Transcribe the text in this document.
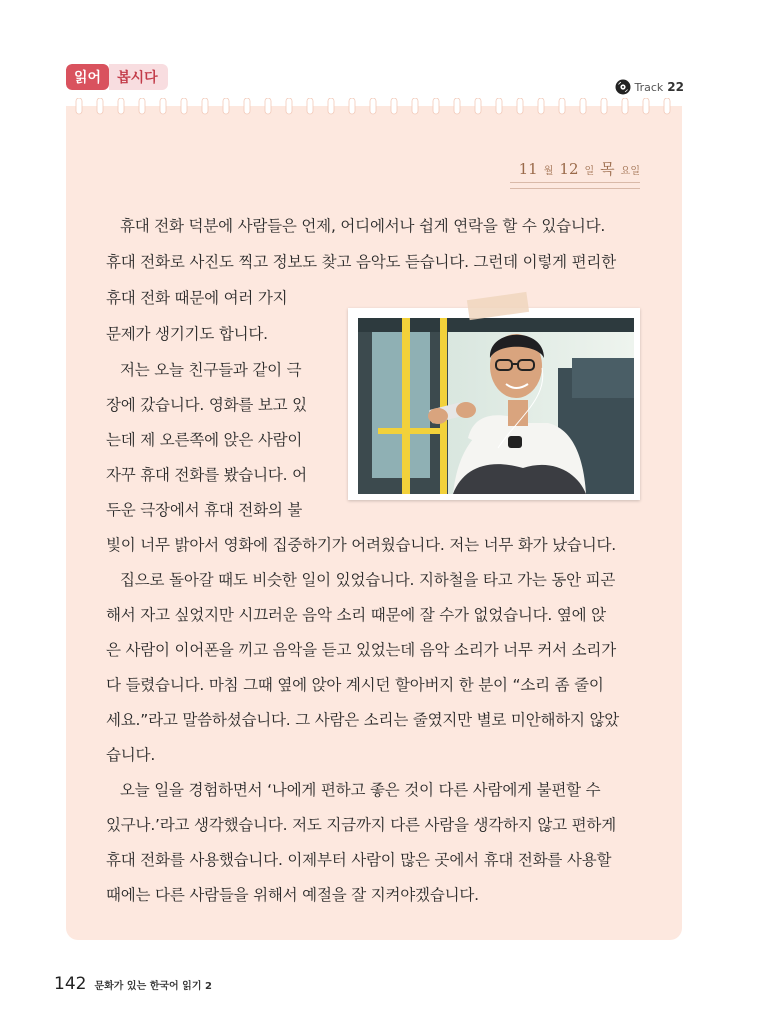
읽어	봅시다
Track 22
11 월 12 일 목 요일
휴대 전화 덕분에 사람들은 언제, 어디에서나 쉽게 연락을 할 수 있습니다.
휴대 전화로 사진도 찍고 정보도 찾고 음악도 듣습니다. 그런데 이렇게 편리한
휴대 전화 때문에 여러 가지
문제가 생기기도 합니다.
저는 오늘 친구들과 같이 극
장에 갔습니다. 영화를 보고 있
는데 제 오른쪽에 앉은 사람이
자꾸 휴대 전화를 봤습니다. 어
두운 극장에서 휴대 전화의 불
빛이 너무 밝아서 영화에 집중하기가 어려웠습니다. 저는 너무 화가 났습니다.
집으로 돌아갈 때도 비슷한 일이 있었습니다. 지하철을 타고 가는 동안 피곤
해서 자고 싶었지만 시끄러운 음악 소리 때문에 잘 수가 없었습니다. 옆에 앉
은 사람이 이어폰을 끼고 음악을 듣고 있었는데 음악 소리가 너무 커서 소리가
다 들렸습니다. 마침 그때 옆에 앉아 계시던 할아버지 한 분이 “소리 좀 줄이
세요.”라고 말씀하셨습니다. 그 사람은 소리는 줄였지만 별로 미안해하지 않았
습니다.
오늘 일을 경험하면서 ‘나에게 편하고 좋은 것이 다른 사람에게 불편할 수
있구나.’라고 생각했습니다. 저도 지금까지 다른 사람을 생각하지 않고 편하게
휴대 전화를 사용했습니다. 이제부터 사람이 많은 곳에서 휴대 전화를 사용할
때에는 다른 사람들을 위해서 예절을 잘 지켜야겠습니다.
142 문화가 있는 한국어 읽기 2
